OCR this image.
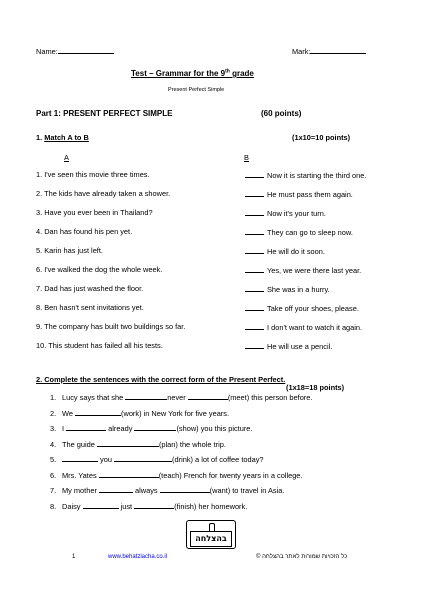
Name:	Mark:
Test – Grammar for the 9th grade
Present Perfect Simple
Part 1: PRESENT PERFECT SIMPLE	(60 points)
1. Match A to B	(1x10=10 points)
A	B
1. I've seen this movie three times.	Now it is starting the third one.
2. The kids have already taken a shower.	He must pass them again.
3. Have you ever been in Thailand?	Now it's your turn.
4. Dan has found his pen yet.	They can go to sleep now.
5. Karin has just left.	He will do it soon.
6. I've walked the dog the whole week.	Yes, we were there last year.
7. Dad has just washed the floor.	She was in a hurry.
8. Ben hasn't sent invitations yet.	Take off your shoes, please.
9. The company has built two buildings so far.	I don't want to watch it again.
10. This student has failed all his tests.	He will use a pencil.
2. Complete the sentences with the correct form of the Present Perfect.
(1x18=18 points)
1. Lucy says that she	never	(meet) this person before.
2. We	(work) in New York for five years.
3. I	already	(show) you this picture.
4. The guide	(plan) the whole trip.
5.	you	(drink) a lot of coffee today?
6. Mrs. Yates	(teach) French for twenty years in a college.
7. My mother	always	(want) to travel in Asia.
8. Daisy	just	(finish) her homework.
בהצלחה
1	www.behatzlacha.co.il	כל הזכויות שמורות לאתר בהצלחה ©
